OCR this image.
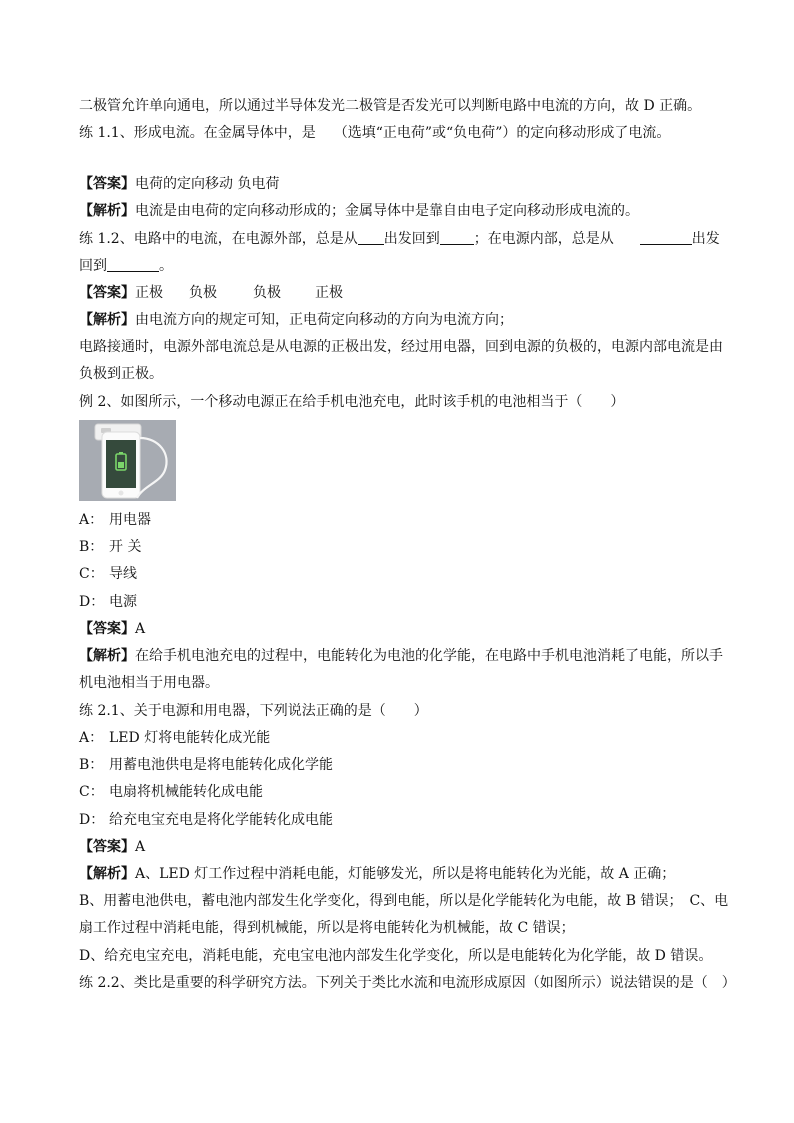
二极管允许单向通电，所以通过半导体发光二极管是否发光可以判断电路中电流的方向，故 D 正确。
练 1.1、形成电流。在金属导体中，是 （选填“正电荷”或“负电荷”）的定向移动形成了电流。
【答案】电荷的定向移动 负电荷
【解析】电流是由电荷的定向移动形成的；金属导体中是靠自由电子定向移动形成电流的。
练 1.2、电路中的电流，在电源外部，总是从 出发回到 ；在电源内部，总是从	出发
回到	。
【答案】正极 负极	负极 正极
【解析】由电流方向的规定可知，正电荷定向移动的方向为电流方向；
电路接通时，电源外部电流总是从电源的正极出发，经过用电器，回到电源的负极的，电源内部电流是由
负极到正极。
例 2、如图所示，一个移动电源正在给手机电池充电，此时该手机的电池相当于（　　）
A： 用电器
B： 开 关
C： 导线
D： 电源
【答案】A
【解析】在给手机电池充电的过程中，电能转化为电池的化学能，在电路中手机电池消耗了电能，所以手
机电池相当于用电器。
练 2.1、关于电源和用电器，下列说法正确的是（　　）
A： LED 灯将电能转化成光能
B： 用蓄电池供电是将电能转化成化学能
C： 电扇将机械能转化成电能
D： 给充电宝充电是将化学能转化成电能
【答案】A
【解析】A、LED 灯工作过程中消耗电能，灯能够发光，所以是将电能转化为光能，故 A 正确；
B、用蓄电池供电，蓄电池内部发生化学变化，得到电能，所以是化学能转化为电能，故 B 错误；　C、电
扇工作过程中消耗电能，得到机械能，所以是将电能转化为机械能，故 C 错误；
D、给充电宝充电，消耗电能，充电宝电池内部发生化学变化，所以是电能转化为化学能，故 D 错误。
练 2.2、类比是重要的科学研究方法。下列关于类比水流和电流形成原因（如图所示）说法错误的是（　）
